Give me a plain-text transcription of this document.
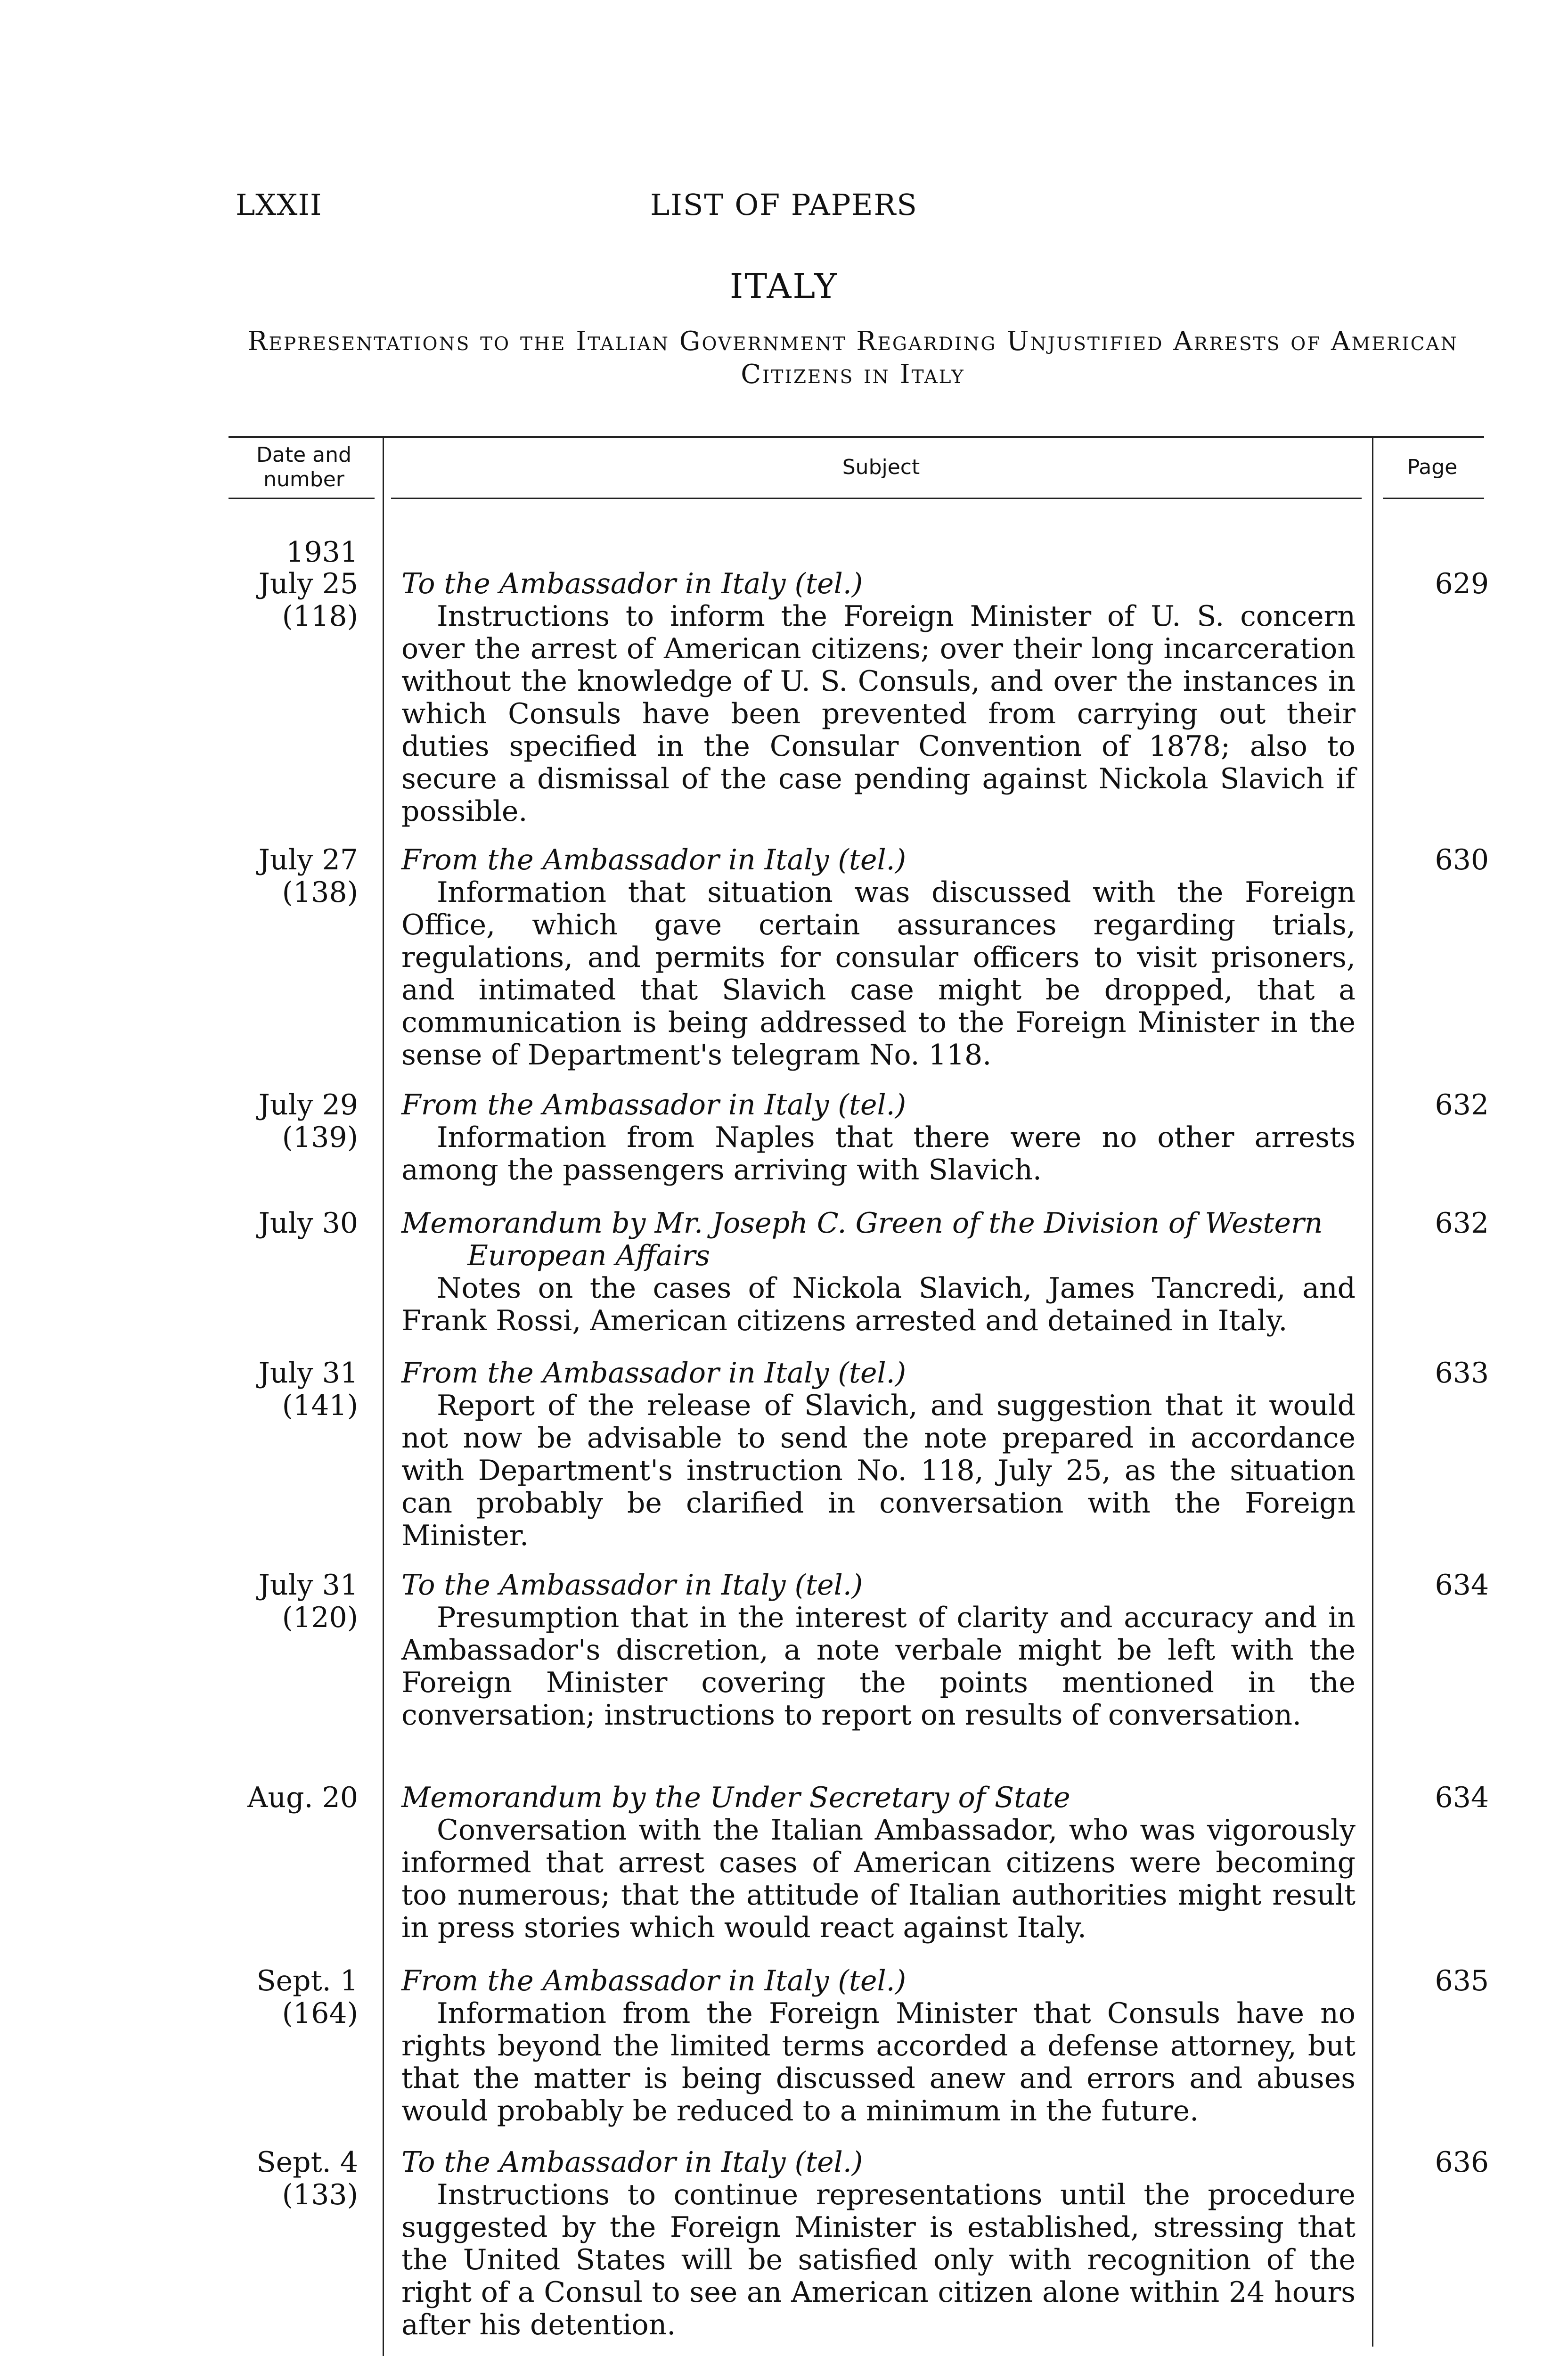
LXXII	LIST OF PAPERS
ITALY
Representations to the Italian Government Regarding Unjustified Arrests of American Citizens in Italy
Date and number
Subject	Page
1931
July 25
(118)
To the Ambassador in Italy (tel.)
Instructions to inform the Foreign Minister of U. S. concern over the arrest of American citizens; over their long incarceration without the knowledge of U. S. Consuls, and over the instances in which Consuls have been prevented from carrying out their duties specified in the Consular Convention of 1878; also to secure a dismissal of the case pending against Nickola Slavich if possible.
629
July 27
(138)
From the Ambassador in Italy (tel.)
Information that situation was discussed with the Foreign Office, which gave certain assurances regarding trials, regulations, and permits for consular officers to visit prisoners, and intimated that Slavich case might be dropped, that a communication is being addressed to the Foreign Minister in the sense of Department's telegram No. 118.
630
July 29
(139)
From the Ambassador in Italy (tel.)
Information from Naples that there were no other arrests among the passengers arriving with Slavich.
632
July 30 Memorandum by Mr. Joseph C. Green of the Division of Western
European Affairs
Notes on the cases of Nickola Slavich, James Tancredi, and Frank Rossi, American citizens arrested and detained in Italy.
632
July 31
(141)
From the Ambassador in Italy (tel.)
Report of the release of Slavich, and suggestion that it would not now be advisable to send the note prepared in accordance with Department's instruction No. 118, July 25, as the situation can probably be clarified in conversation with the Foreign Minister.
633
July 31
(120)
To the Ambassador in Italy (tel.)
Presumption that in the interest of clarity and accuracy and in Ambassador's discretion, a note verbale might be left with the Foreign Minister covering the points mentioned in the conversation; instructions to report on results of conversation.
634
Aug. 20 Memorandum by the Under Secretary of State
Conversation with the Italian Ambassador, who was vigorously informed that arrest cases of American citizens were becoming too numerous; that the attitude of Italian authorities might result in press stories which would react against Italy.
634
Sept. 1
(164)
From the Ambassador in Italy (tel.)
Information from the Foreign Minister that Consuls have no rights beyond the limited terms accorded a defense attorney, but that the matter is being discussed anew and errors and abuses would probably be reduced to a minimum in the future.
635
Sept. 4
(133)
To the Ambassador in Italy (tel.)
Instructions to continue representations until the procedure suggested by the Foreign Minister is established, stressing that the United States will be satisfied only with recognition of the right of a Consul to see an American citizen alone within 24 hours after his detention.
636
